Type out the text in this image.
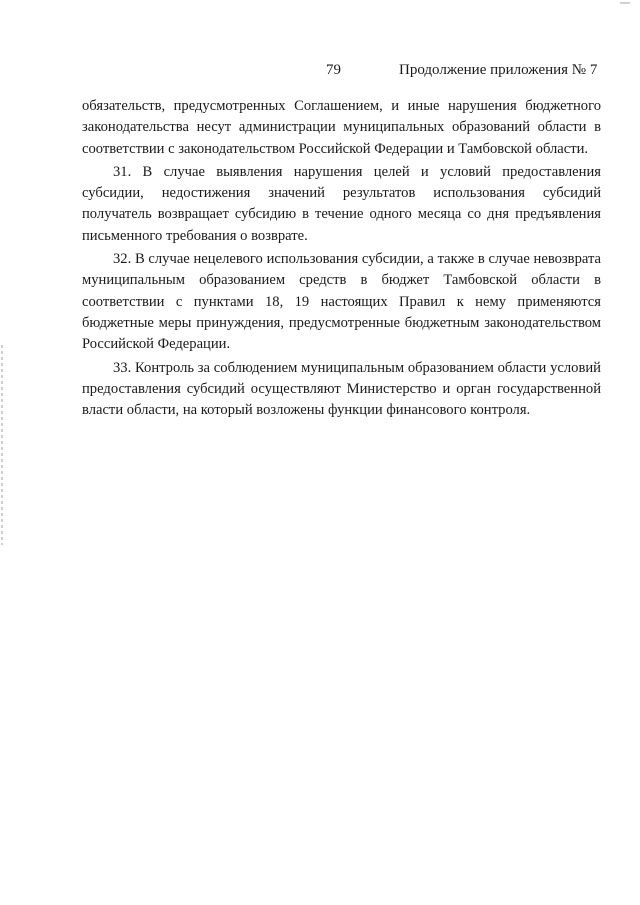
79	Продолжение приложения № 7

обязательств, предусмотренных Соглашением, и иные нарушения бюджетного законодательства несут администрации муниципальных образований области в соответствии с законодательством Российской Федерации и Тамбовской области.

31. В случае выявления нарушения целей и условий предоставления субсидии, недостижения значений результатов использования субсидий получатель возвращает субсидию в течение одного месяца со дня предъявления письменного требования о возврате.

32. В случае нецелевого использования субсидии, а также в случае невозврата муниципальным образованием средств в бюджет Тамбовской области в соответствии с пунктами 18, 19 настоящих Правил к нему применяются бюджетные меры принуждения, предусмотренные бюджетным законодательством Российской Федерации.

33. Контроль за соблюдением муниципальным образованием области условий предоставления субсидий осуществляют Министерство и орган государственной власти области, на который возложены функции финансового контроля.
